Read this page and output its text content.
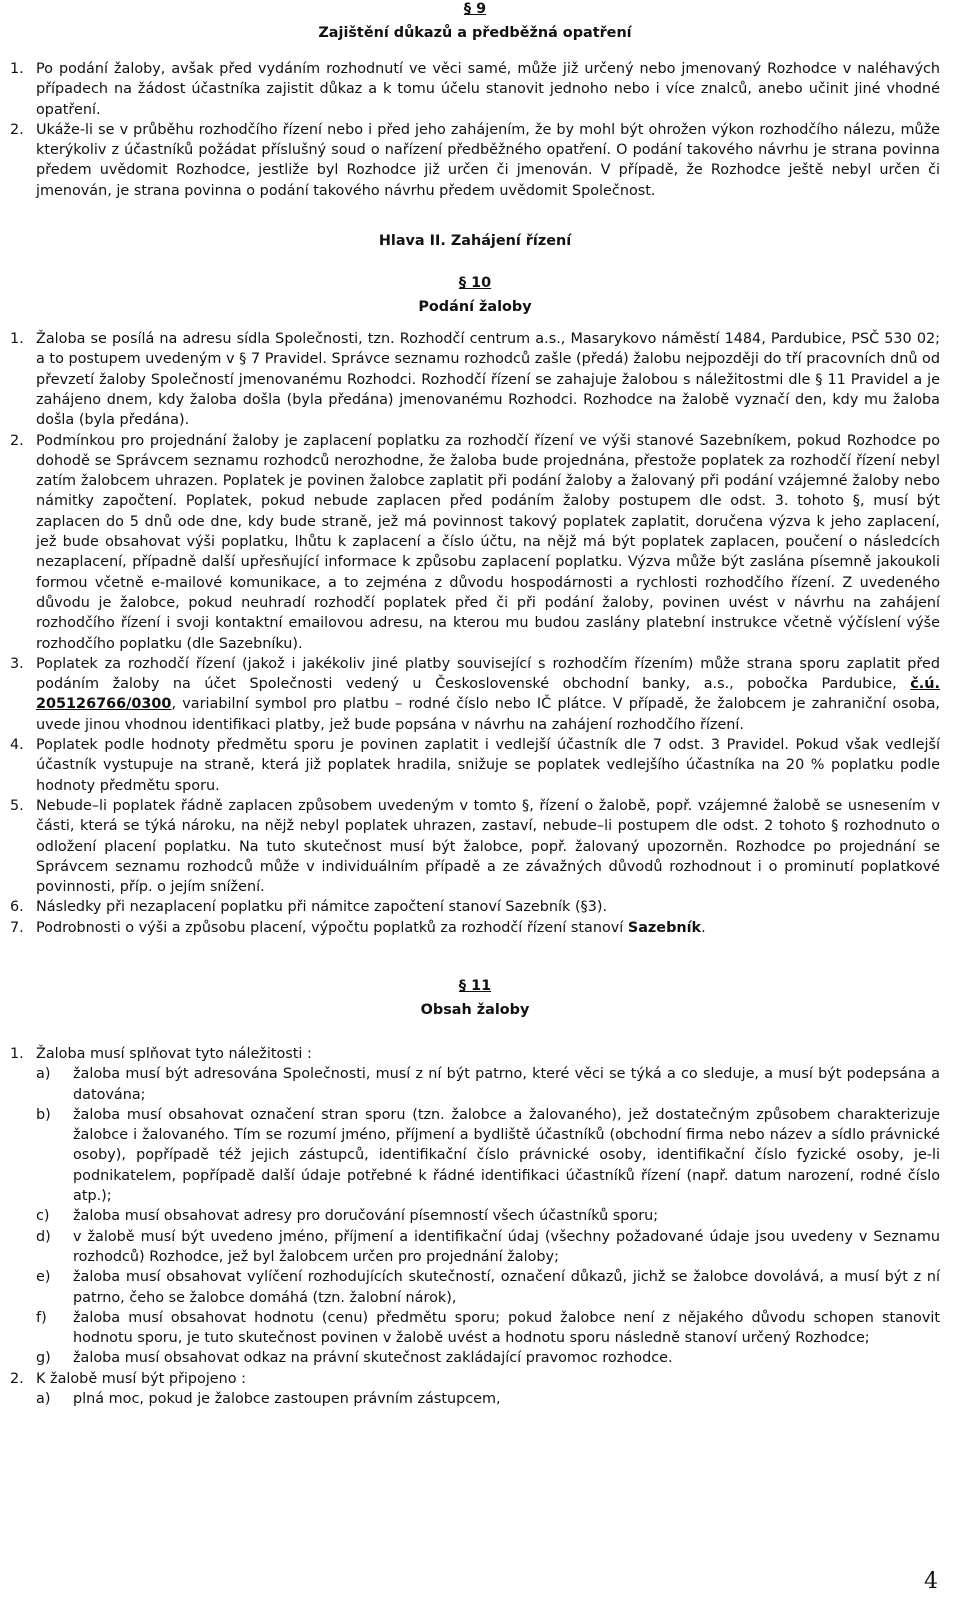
§ 9
Zajištění důkazů a předběžná opatření
1. Po podání žaloby, avšak před vydáním rozhodnutí ve věci samé, může již určený nebo jmenovaný Rozhodce v naléhavých případech na žádost účastníka zajistit důkaz a k tomu účelu stanovit jednoho nebo i více znalců, anebo učinit jiné vhodné opatření.
2. Ukáže-li se v průběhu rozhodčího řízení nebo i před jeho zahájením, že by mohl být ohrožen výkon rozhodčího nálezu, může kterýkoliv z účastníků požádat příslušný soud o nařízení předběžného opatření. O podání takového návrhu je strana povinna předem uvědomit Rozhodce, jestliže byl Rozhodce již určen či jmenován. V případě, že Rozhodce ještě nebyl určen či jmenován, je strana povinna o podání takového návrhu předem uvědomit Společnost.
Hlava II. Zahájení řízení
§ 10
Podání žaloby
1. Žaloba se posílá na adresu sídla Společnosti, tzn. Rozhodčí centrum a.s., Masarykovo náměstí 1484, Pardubice, PSČ 530 02; a to postupem uvedeným v § 7 Pravidel. Správce seznamu rozhodců zašle (předá) žalobu nejpozději do tří pracovních dnů od převzetí žaloby Společností jmenovanému Rozhodci. Rozhodčí řízení se zahajuje žalobou s náležitostmi dle § 11 Pravidel a je zahájeno dnem, kdy žaloba došla (byla předána) jmenovanému Rozhodci. Rozhodce na žalobě vyznačí den, kdy mu žaloba došla (byla předána).
2. Podmínkou pro projednání žaloby je zaplacení poplatku za rozhodčí řízení ve výši stanové Sazebníkem, pokud Rozhodce po dohodě se Správcem seznamu rozhodců nerozhodne, že žaloba bude projednána, přestože poplatek za rozhodčí řízení nebyl zatím žalobcem uhrazen. Poplatek je povinen žalobce zaplatit při podání žaloby a žalovaný při podání vzájemné žaloby nebo námitky započtení. Poplatek, pokud nebude zaplacen před podáním žaloby postupem dle odst. 3. tohoto §, musí být zaplacen do 5 dnů ode dne, kdy bude straně, jež má povinnost takový poplatek zaplatit, doručena výzva k jeho zaplacení, jež bude obsahovat výši poplatku, lhůtu k zaplacení a číslo účtu, na nějž má být poplatek zaplacen, poučení o následcích nezaplacení, případně další upřesňující informace k způsobu zaplacení poplatku. Výzva může být zaslána písemně jakoukoli formou včetně e-mailové komunikace, a to zejména z důvodu hospodárnosti a rychlosti rozhodčího řízení. Z uvedeného důvodu je žalobce, pokud neuhradí rozhodčí poplatek před či při podání žaloby, povinen uvést v návrhu na zahájení rozhodčího řízení i svoji kontaktní emailovou adresu, na kterou mu budou zaslány platební instrukce včetně výčíslení výše rozhodčího poplatku (dle Sazebníku).
3. Poplatek za rozhodčí řízení (jakož i jakékoliv jiné platby související s rozhodčím řízením) může strana sporu zaplatit před podáním žaloby na účet Společnosti vedený u Československé obchodní banky, a.s., pobočka Pardubice, č.ú. 205126766/0300, variabilní symbol pro platbu – rodné číslo nebo IČ plátce. V případě, že žalobcem je zahraniční osoba, uvede jinou vhodnou identifikaci platby, jež bude popsána v návrhu na zahájení rozhodčího řízení.
4. Poplatek podle hodnoty předmětu sporu je povinen zaplatit i vedlejší účastník dle 7 odst. 3 Pravidel. Pokud však vedlejší účastník vystupuje na straně, která již poplatek hradila, snižuje se poplatek vedlejšího účastníka na 20 % poplatku podle hodnoty předmětu sporu.
5. Nebude–li poplatek řádně zaplacen způsobem uvedeným v tomto §, řízení o žalobě, popř. vzájemné žalobě se usnesením v části, která se týká nároku, na nějž nebyl poplatek uhrazen, zastaví, nebude–li postupem dle odst. 2 tohoto § rozhodnuto o odložení placení poplatku. Na tuto skutečnost musí být žalobce, popř. žalovaný upozorněn. Rozhodce po projednání se Správcem seznamu rozhodců může v individuálním případě a ze závažných důvodů rozhodnout i o prominutí poplatkové povinnosti, příp. o jejím snížení.
6. Následky při nezaplacení poplatku při námitce započtení stanoví Sazebník (§3).
7. Podrobnosti o výši a způsobu placení, výpočtu poplatků za rozhodčí řízení stanoví Sazebník.
§ 11
Obsah žaloby
1. Žaloba musí splňovat tyto náležitosti :
a)	žaloba musí být adresována Společnosti, musí z ní být patrno, které věci se týká a co sleduje, a musí být podepsána a datována;
b)	žaloba musí obsahovat označení stran sporu (tzn. žalobce a žalovaného), jež dostatečným způsobem charakterizuje žalobce i žalovaného. Tím se rozumí jméno, příjmení a bydliště účastníků (obchodní firma nebo název a sídlo právnické osoby), popřípadě též jejich zástupců, identifikační číslo právnické osoby, identifikační číslo fyzické osoby, je-li podnikatelem, popřípadě další údaje potřebné k řádné identifikaci účastníků řízení (např. datum narození, rodné číslo atp.);
c)	žaloba musí obsahovat adresy pro doručování písemností všech účastníků sporu;
d)	v žalobě musí být uvedeno jméno, příjmení a identifikační údaj (všechny požadované údaje jsou uvedeny v Seznamu rozhodců) Rozhodce, jež byl žalobcem určen pro projednání žaloby;
e)	žaloba musí obsahovat vylíčení rozhodujících skutečností, označení důkazů, jichž se žalobce dovolává, a musí být z ní patrno, čeho se žalobce domáhá (tzn. žalobní nárok),
f)	žaloba musí obsahovat hodnotu (cenu) předmětu sporu; pokud žalobce není z nějakého důvodu schopen stanovit hodnotu sporu, je tuto skutečnost povinen v žalobě uvést a hodnotu sporu následně stanoví určený Rozhodce;
g)	žaloba musí obsahovat odkaz na právní skutečnost zakládající pravomoc rozhodce.
2. K žalobě musí být připojeno :
a)	plná moc, pokud je žalobce zastoupen právním zástupcem,
4
